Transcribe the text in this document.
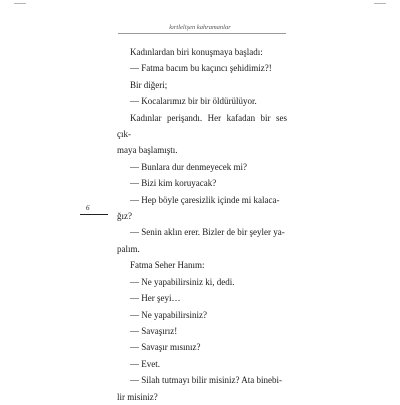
kırtlelişen kahramanlar
6

Kadınlardan biri konuşmaya başladı:

— Fatma bacım bu kaçıncı şehidimiz?!

Bir diğeri;

— Kocalarımız bir bir öldürülüyor.

Kadınlar perişandı. Her kafadan bir ses çık-

maya başlamıştı.

— Bunlara dur denmeyecek mi?

— Bizi kim koruyacak?

— Hep böyle çaresizlik içinde mi kalaca-

ğız?

— Senin aklın erer. Bizler de bir şeyler ya-

palım.

Fatma Seher Hanım:

— Ne yapabilirsiniz ki, dedi.

— Her şeyi…

— Ne yapabilirsiniz?

— Savaşırız!

— Savaşır mısınız?

— Evet.

— Silah tutmayı bilir misiniz? Ata binebi-

lir misiniz?
